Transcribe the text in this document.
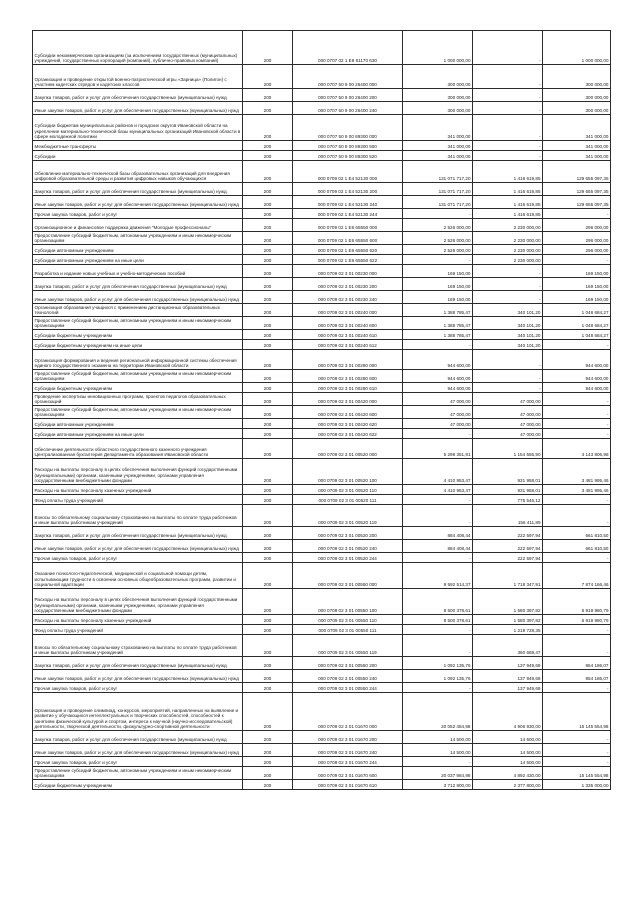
Субсидии некоммерческим организациям (за исключением государственных (муниципальных) учреждений, государственных корпораций (компаний), публично-правовых компаний)	200	000 0707 02 1 E8 61170 630	1 000 000,00	-	1 000 000,00
Организация и проведение открытой военно-патриотической игры «Зарница» (Полигон) с участием кадетских отрядов и кадетских классов	200	000 0707 50 9 00 26400 000	300 000,00	-	300 000,00
Закупка товаров, работ и услуг для обеспечения государственных (муниципальных) нужд	200	000 0707 50 9 00 26400 200	300 000,00	-	300 000,00
Иные закупки товаров, работ и услуг для обеспечения государственных (муниципальных) нужд	200	000 0707 50 9 00 26400 240	300 000,00	-	300 000,00
Субсидии бюджетам муниципальных районов и городских округов Ивановской области на укрепление материально-технической базы муниципальных организаций Ивановской области в сфере молодежной политики	200	000 0707 50 9 00 89300 000	341 000,00	-	341 000,00
Межбюджетные трансферты	200	000 0707 50 9 00 89300 500	341 000,00	-	341 000,00
Субсидии	200	000 0707 50 9 00 89300 520	341 000,00	-	341 000,00
Обновление материально-технической базы образовательных организаций для внедрения цифровой образовательной среды и развития цифровых навыков обучающихся	200	000 0709 02 1 E4 52130 000	131 071 717,20	1 416 619,85	129 655 097,35
Закупка товаров, работ и услуг для обеспечения государственных (муниципальных) нужд	200	000 0709 02 1 E4 52130 200	131 071 717,20	1 416 619,85	129 655 097,35
Иные закупки товаров, работ и услуг для обеспечения государственных (муниципальных) нужд	200	000 0709 02 1 E4 52130 240	131 071 717,20	1 416 619,85	129 655 097,35
Прочая закупка товаров, работ и услуг	200	000 0709 02 1 E4 52130 244	-	1 416 619,85	-
Организационное и финансовое поддержка движения "Молодые профессионалы"	200	000 0709 02 1 E6 65550 000	2 526 000,00	2 230 000,00	296 000,00
Предоставление субсидий бюджетным, автономным учреждениям и иным некоммерческим организациям	200	000 0709 02 1 E6 65550 600	2 526 000,00	2 230 000,00	296 000,00
Субсидии автономным учреждениям	200	000 0709 02 1 E6 65550 620	2 526 000,00	2 230 000,00	296 000,00
Субсидии автономным учреждениям на иные цели	200	000 0709 02 1 E6 65550 622	-	2 230 000,00	-
Разработка и издание новых учебных и учебно-методических пособий	200	000 0709 02 3 01 00230 000	169 150,00	-	169 150,00
Закупка товаров, работ и услуг для обеспечения государственных (муниципальных) нужд	200	000 0709 02 3 01 00230 200	169 150,00	-	169 150,00
Иные закупки товаров, работ и услуг для обеспечения государственных (муниципальных) нужд	200	000 0709 02 3 01 00230 240	169 150,00	-	169 150,00
Организация образования учащихся с применением дистанционных образовательных технологий	200	000 0709 02 3 01 00240 000	1 388 785,47	340 101,20	1 048 684,27
Предоставление субсидий бюджетным, автономным учреждениям и иным некоммерческим организациям	200	000 0709 02 3 01 00240 600	1 388 785,47	340 101,20	1 048 684,27
Субсидии бюджетным учреждениям	200	000 0709 02 3 01 00240 610	1 388 785,47	340 101,20	1 048 684,27
Субсидии бюджетным учреждениям на иные цели	200	000 0709 02 3 01 00240 612	-	340 101,20	-
Организация формирования и ведения региональной информационной системы обеспечения единого государственного экзамена на территории Ивановской области	200	000 0709 02 3 01 00280 000	944 600,00	-	944 600,00
Предоставление субсидий бюджетным, автономным учреждениям и иным некоммерческим организациям	200	000 0709 02 3 01 00280 600	944 600,00	-	944 600,00
Субсидии бюджетным учреждениям	200	000 0709 02 3 01 00280 610	944 600,00	-	944 600,00
Проведение экспертизы инновационных программ, проектов педагогов образовательных организаций	200	000 0709 02 3 01 00420 000	47 000,00	47 000,00	-
Предоставление субсидий бюджетным, автономным учреждениям и иным некоммерческим организациям	200	000 0709 02 3 01 00420 600	47 000,00	47 000,00	-
Субсидии автономным учреждениям	200	000 0709 02 3 01 00420 620	47 000,00	47 000,00	-
Субсидии автономным учреждениям на иные цели	200	000 0709 02 3 01 00420 622	-	47 000,00	-
Обеспечение деятельности областного государственного казенного учреждения Централизованная бухгалтерия Департамента образования Ивановской области	200	000 0709 02 3 01 00520 000	5 298 351,91	1 154 555,90	4 143 806,98
Расходы на выплаты персоналу в целях обеспечения выполнения функций государственными (муниципальными) органами, казенными учреждениями, органами управления государственными внебюджетными фондами	200	000 0709 02 3 01 00520 100	4 410 953,47	931 958,01	3 481 995,46
Расходы на выплаты персоналу казенных учреждений	200	000 0709 02 3 01 00520 110	4 410 953,47	931 958,01	3 481 995,46
Фонд оплаты труда учреждений	200	000 0709 02 3 01 00520 111	-	775 546,12	-
Взносы по обязательному социальному страхованию на выплаты по оплате труда работников и иные выплаты работникам учреждений	200	000 0709 02 3 01 00520 119	-	156 411,89	-
Закупка товаров, работ и услуг для обеспечения государственных (муниципальных) нужд	200	000 0709 02 3 01 00520 200	884 408,44	222 597,94	661 810,50
Иные закупки товаров, работ и услуг для обеспечения государственных (муниципальных) нужд	200	000 0709 02 3 01 00520 240	884 408,44	222 597,94	661 810,50
Прочая закупка товаров, работ и услуг	200	000 0709 02 3 01 00520 244	-	222 597,94	-
Оказание психолого-педагогической, медицинской и социальной помощи детям, испытывающим трудности в освоении основных общеобразовательных программ, развитии и социальной адаптации	200	000 0709 02 3 01 00550 000	9 592 514,37	1 718 347,91	7 874 166,46
Расходы на выплаты персоналу в целях обеспечения выполнения функций государственными (муниципальными) органами, казенными учреждениями, органами управления государственными внебюджетными фондами	200	000 0709 02 3 01 00550 100	8 500 378,61	1 580 397,82	6 919 980,79
Расходы на выплаты персоналу казенных учреждений	200	000 0709 02 3 01 00550 110	8 500 378,61	1 580 397,82	6 919 980,79
Фонд оплаты труда учреждений	200	000 0709 02 3 01 00550 111	-	1 219 728,35	-
Взносы по обязательному социальному страхованию на выплаты по оплате труда работников и иные выплаты работникам учреждений	200	000 0709 02 3 01 00550 119	-	360 669,47	-
Закупка товаров, работ и услуг для обеспечения государственных (муниципальных) нужд	200	000 0709 02 3 01 00550 200	1 092 135,76	137 949,69	954 186,07
Иные закупки товаров, работ и услуг для обеспечения государственных (муниципальных) нужд	200	000 0709 02 3 01 00550 240	1 092 135,76	137 949,69	954 186,07
Прочая закупка товаров, работ и услуг	200	000 0709 02 3 01 00550 244	-	137 949,69	-
Организация и проведение олимпиад, конкурсов, мероприятий, направленных на выявление и развитие у обучающихся интеллектуальных и творческих способностей, способностей к занятиям физической культурой и спортом, интереса к научной (научно-исследовательской) деятельности, творческой деятельности, физкультурно-спортивной деятельности	200	000 0709 02 3 01 01670 000	20 052 484,98	4 906 930,00	15 145 554,98
Закупка товаров, работ и услуг для обеспечения государственных (муниципальных) нужд	200	000 0709 02 3 01 01670 200	14 500,00	14 500,00	-
Иные закупки товаров, работ и услуг для обеспечения государственных (муниципальных) нужд	200	000 0709 02 3 01 01670 240	14 500,00	14 500,00	-
Прочая закупка товаров, работ и услуг	200	000 0709 02 3 01 01670 244	-	14 500,00	-
Предоставление субсидий бюджетным, автономным учреждениям и иным некоммерческим организациям	200	000 0709 02 3 01 01670 600	20 037 984,98	4 892 430,00	15 145 554,98
Субсидии бюджетным учреждениям	200	000 0709 02 3 01 01670 610	3 712 800,00	2 377 800,00	1 335 000,00
